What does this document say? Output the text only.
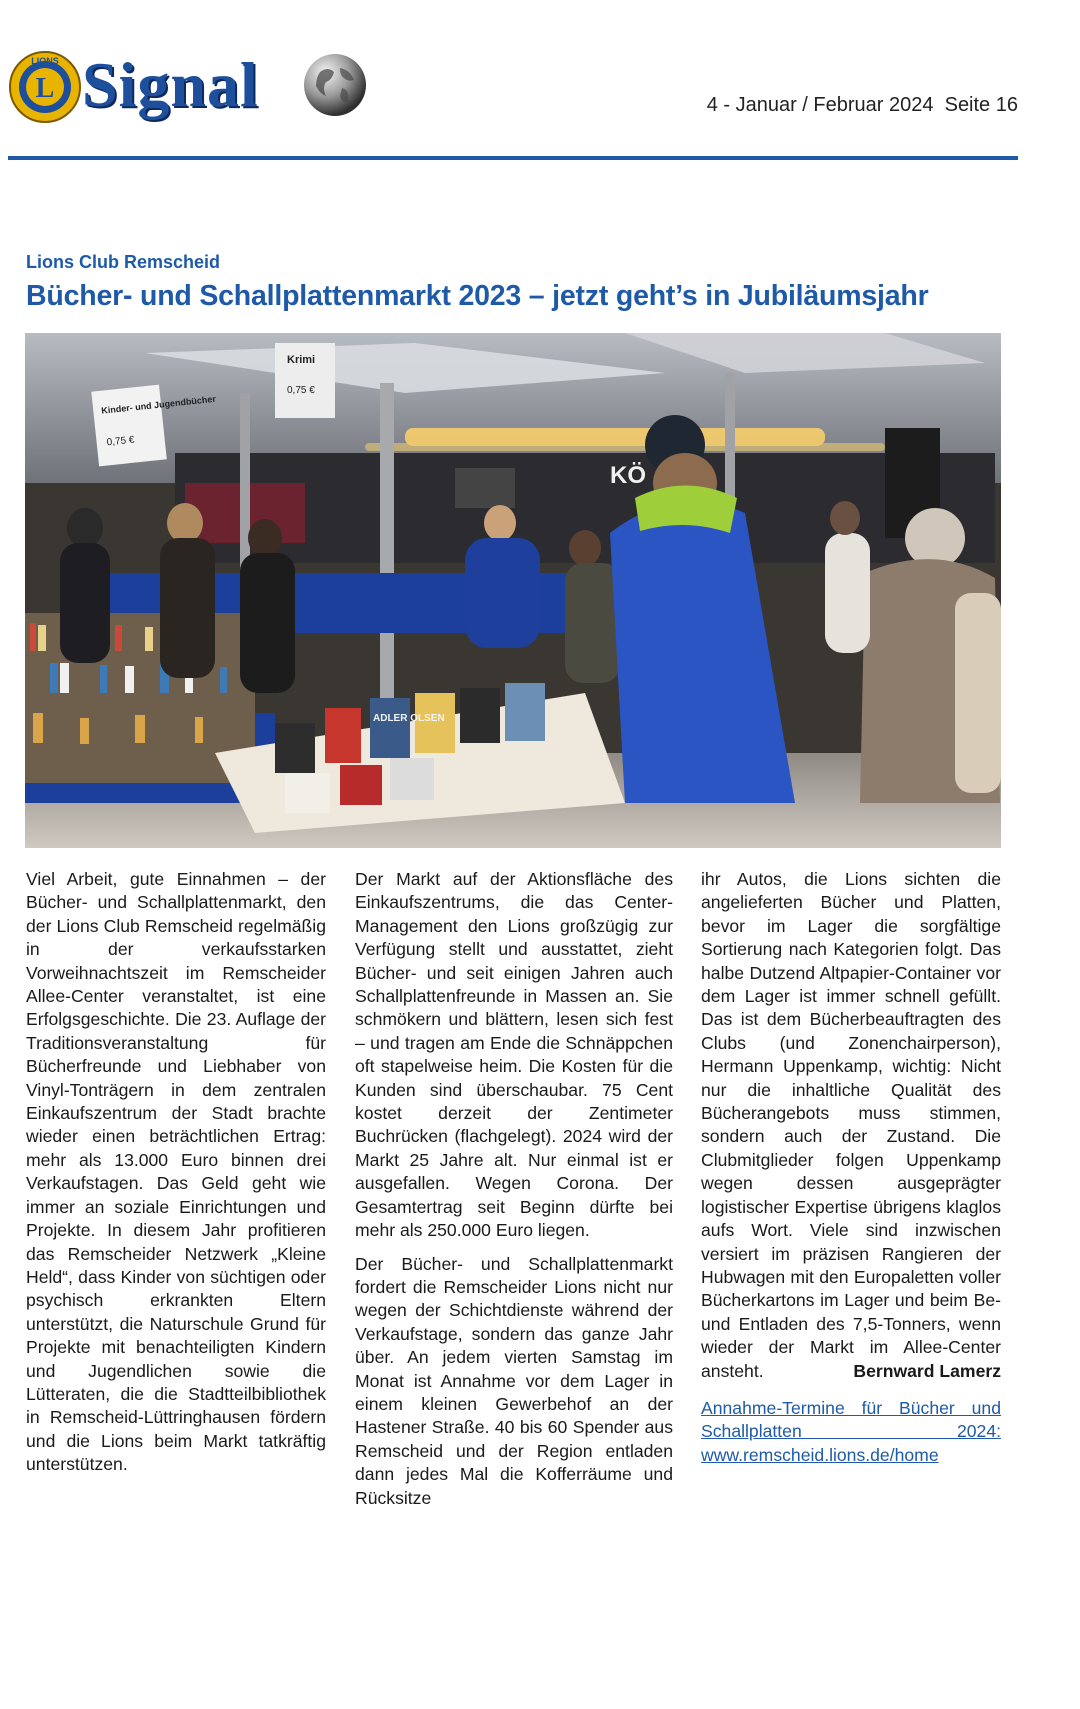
L
LIONS Signal	4 - Januar / Februar 2024  Seite 16
Lions Club Remscheid
Bücher- und Schallplattenmarkt 2023 – jetzt geht’s in Jubiläumsjahr
KÖ
Kinder- und Jugendbücher
0,75 €
Krimi
0,75 €
ADLER OLSEN

Viel Arbeit, gute Einnahmen – der Bücher- und Schallplattenmarkt, den der Lions Club Remscheid regelmäßig in der verkaufsstarken Vorweihnachtszeit im Remscheider Allee-Center veranstaltet, ist eine Erfolgsgeschichte. Die 23. Auflage der Traditionsveranstaltung für Bücherfreunde und Liebhaber von Vinyl-Tonträgern in dem zentralen Einkaufszentrum der Stadt brachte wieder einen beträchtlichen Ertrag: mehr als 13.000 Euro binnen drei Verkaufstagen. Das Geld geht wie immer an soziale Einrichtungen und Projekte. In diesem Jahr profitieren das Remscheider Netzwerk „Kleine Held“, dass Kinder von süchtigen oder psychisch erkrankten Eltern unterstützt, die Naturschule Grund für Projekte mit benachteiligten Kindern und Jugendlichen sowie die Lütteraten, die die Stadtteilbibliothek in Remscheid-Lüttringhausen fördern und die Lions beim Markt tatkräftig unterstützen.

Der Markt auf der Aktionsfläche des Einkaufszentrums, die das Center-Management den Lions großzügig zur Verfügung stellt und ausstattet, zieht Bücher- und seit einigen Jahren auch Schallplattenfreunde in Massen an. Sie schmökern und blättern, lesen sich fest – und tragen am Ende die Schnäppchen oft stapelweise heim. Die Kosten für die Kunden sind überschaubar. 75 Cent kostet derzeit der Zentimeter Buchrücken (flachgelegt). 2024 wird der Markt 25 Jahre alt. Nur einmal ist er ausgefallen. Wegen Corona. Der Gesamtertrag seit Beginn dürfte bei mehr als 250.000 Euro liegen.

Der Bücher- und Schallplattenmarkt fordert die Remscheider Lions nicht nur wegen der Schichtdienste während der Verkaufstage, sondern das ganze Jahr über. An jedem vierten Samstag im Monat ist Annahme vor dem Lager in einem kleinen Gewerbehof an der Hastener Straße. 40 bis 60 Spender aus Remscheid und der Region entladen dann jedes Mal die Kofferräume und Rücksitze

ihr Autos, die Lions sichten die angelieferten Bücher und Platten, bevor im Lager die sorgfältige Sortierung nach Kategorien folgt. Das halbe Dutzend Altpapier-Container vor dem Lager ist immer schnell gefüllt. Das ist dem Bücherbeauftragten des Clubs (und Zonenchairperson), Hermann Uppenkamp, wichtig: Nicht nur die inhaltliche Qualität des Bücherangebots muss stimmen, sondern auch der Zustand. Die Clubmitglieder folgen Uppenkamp wegen dessen ausgeprägter logistischer Expertise übrigens klaglos aufs Wort. Viele sind inzwischen versiert im präzisen Rangieren der Hubwagen mit den Europaletten voller Bücherkartons im Lager und beim Be- und Entladen des 7,5-Tonners, wenn wieder der Markt im Allee-Center ansteht.	Bernward Lamerz

Annahme-Termine für Bücher und Schallplatten 2024: www.remscheid.lions.de/home
